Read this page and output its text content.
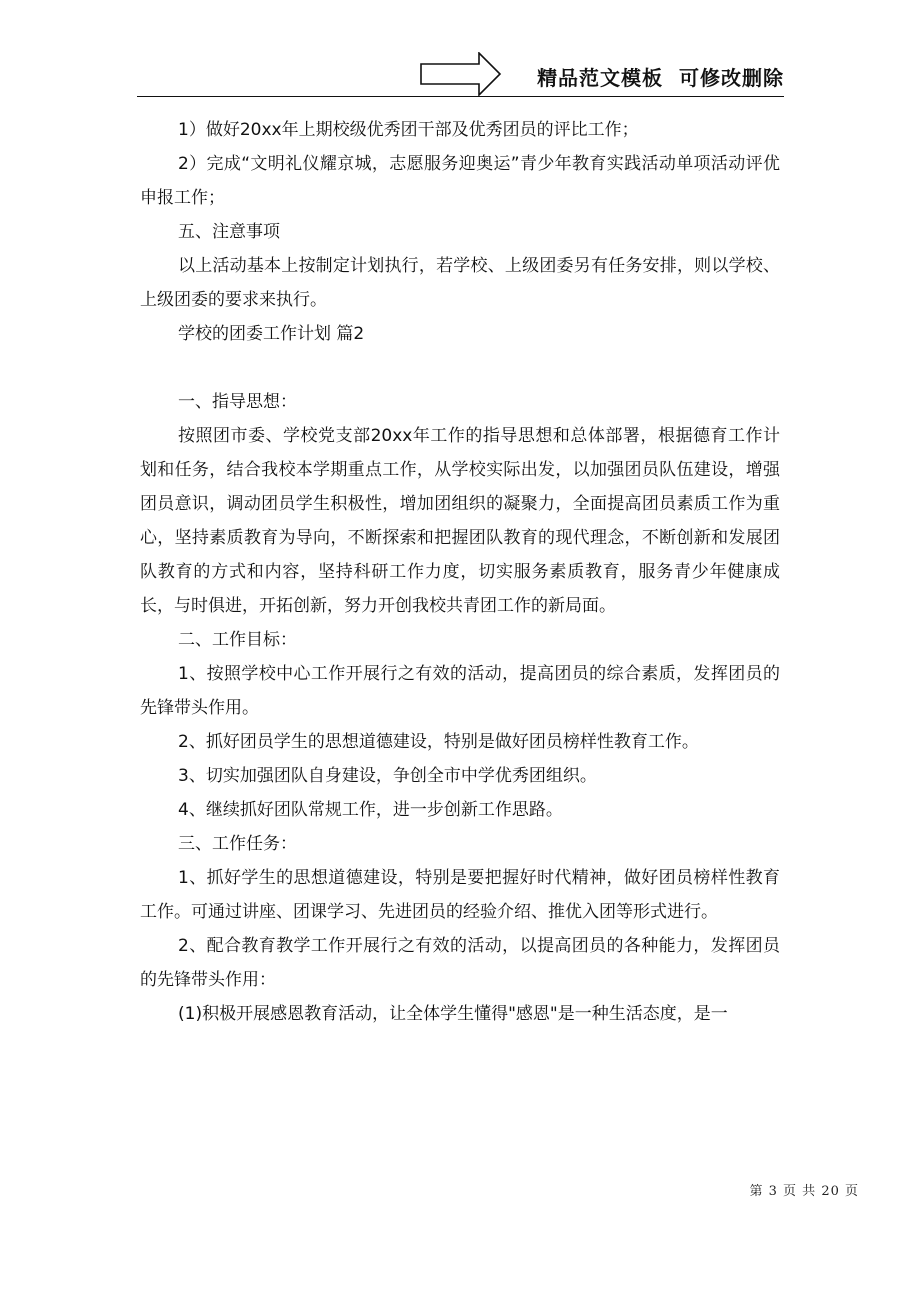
精品范文模板  可修改删除

1）做好20xx年上期校级优秀团干部及优秀团员的评比工作；

2）完成“文明礼仪耀京城，志愿服务迎奥运”青少年教育实践活动单项活动评优申报工作；

五、注意事项

以上活动基本上按制定计划执行，若学校、上级团委另有任务安排，则以学校、上级团委的要求来执行。

学校的团委工作计划 篇2

一、指导思想：

按照团市委、学校党支部20xx年工作的指导思想和总体部署，根据德育工作计划和任务，结合我校本学期重点工作，从学校实际出发，以加强团员队伍建设，增强团员意识，调动团员学生积极性，增加团组织的凝聚力，全面提高团员素质工作为重心，坚持素质教育为导向，不断探索和把握团队教育的现代理念，不断创新和发展团队教育的方式和内容，坚持科研工作力度，切实服务素质教育，服务青少年健康成长，与时俱进，开拓创新，努力开创我校共青团工作的新局面。

二、工作目标：

1、按照学校中心工作开展行之有效的活动，提高团员的综合素质，发挥团员的先锋带头作用。

2、抓好团员学生的思想道德建设，特别是做好团员榜样性教育工作。

3、切实加强团队自身建设，争创全市中学优秀团组织。

4、继续抓好团队常规工作，进一步创新工作思路。

三、工作任务：

1、抓好学生的思想道德建设，特别是要把握好时代精神，做好团员榜样性教育工作。可通过讲座、团课学习、先进团员的经验介绍、推优入团等形式进行。

2、配合教育教学工作开展行之有效的活动，以提高团员的各种能力，发挥团员的先锋带头作用：

(1)积极开展感恩教育活动，让全体学生懂得"感恩"是一种生活态度，是一

第 3 页 共 20 页
